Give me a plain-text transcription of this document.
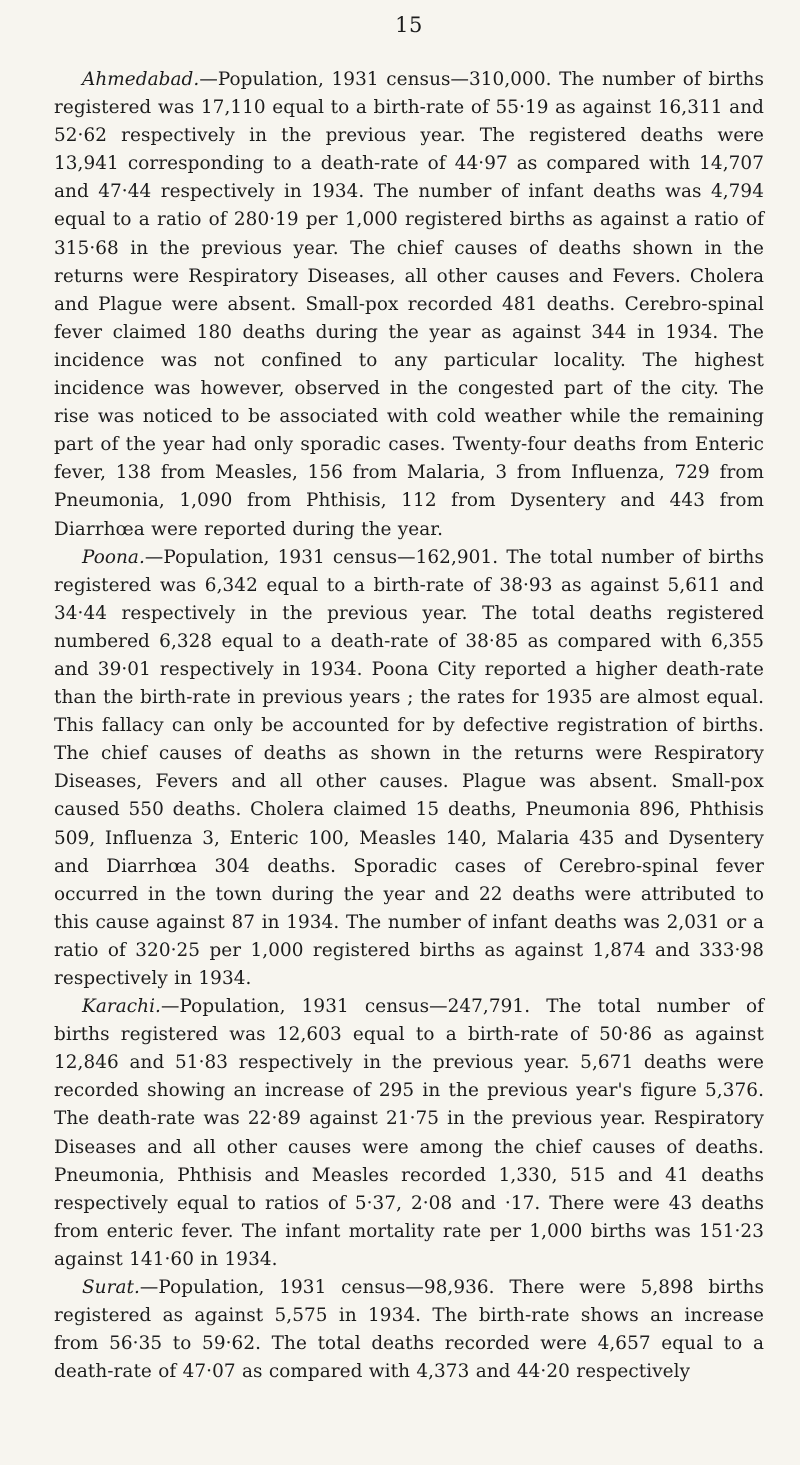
15

Ahmedabad.—Population, 1931 census—310,000. The number of births registered was 17,110 equal to a birth-rate of 55·19 as against 16,311 and 52·62 respectively in the previous year. The registered deaths were 13,941 corresponding to a death-rate of 44·97 as compared with 14,707 and 47·44 respectively in 1934. The number of infant deaths was 4,794 equal to a ratio of 280·19 per 1,000 registered births as against a ratio of 315·68 in the previous year. The chief causes of deaths shown in the returns were Respiratory Diseases, all other causes and Fevers. Cholera and Plague were absent. Small-pox recorded 481 deaths. Cerebro-spinal fever claimed 180 deaths during the year as against 344 in 1934. The incidence was not confined to any particular locality. The highest incidence was however, observed in the congested part of the city. The rise was noticed to be associated with cold weather while the remaining part of the year had only sporadic cases. Twenty-four deaths from Enteric fever, 138 from Measles, 156 from Malaria, 3 from Influenza, 729 from Pneumonia, 1,090 from Phthisis, 112 from Dysentery and 443 from Diarrhœa were reported during the year.

Poona.—Population, 1931 census—162,901. The total number of births registered was 6,342 equal to a birth-rate of 38·93 as against 5,611 and 34·44 respectively in the previous year. The total deaths registered numbered 6,328 equal to a death-rate of 38·85 as compared with 6,355 and 39·01 respectively in 1934. Poona City reported a higher death-rate than the birth-rate in previous years ; the rates for 1935 are almost equal. This fallacy can only be accounted for by defective registration of births. The chief causes of deaths as shown in the returns were Respiratory Diseases, Fevers and all other causes. Plague was absent. Small-pox caused 550 deaths. Cholera claimed 15 deaths, Pneumonia 896, Phthisis 509, Influenza 3, Enteric 100, Measles 140, Malaria 435 and Dysentery and Diarrhœa 304 deaths. Sporadic cases of Cerebro-spinal fever occurred in the town during the year and 22 deaths were attributed to this cause against 87 in 1934. The number of infant deaths was 2,031 or a ratio of 320·25 per 1,000 registered births as against 1,874 and 333·98 respectively in 1934.

Karachi.—Population, 1931 census—247,791. The total number of births registered was 12,603 equal to a birth-rate of 50·86 as against 12,846 and 51·83 respectively in the previous year. 5,671 deaths were recorded showing an increase of 295 in the previous year's figure 5,376. The death-rate was 22·89 against 21·75 in the previous year. Respiratory Diseases and all other causes were among the chief causes of deaths. Pneumonia, Phthisis and Measles recorded 1,330, 515 and 41 deaths respectively equal to ratios of 5·37, 2·08 and ·17. There were 43 deaths from enteric fever. The infant mortality rate per 1,000 births was 151·23 against 141·60 in 1934.

Surat.—Population, 1931 census—98,936. There were 5,898 births registered as against 5,575 in 1934. The birth-rate shows an increase from 56·35 to 59·62. The total deaths recorded were 4,657 equal to a death-rate of 47·07 as compared with 4,373 and 44·20 respectively
